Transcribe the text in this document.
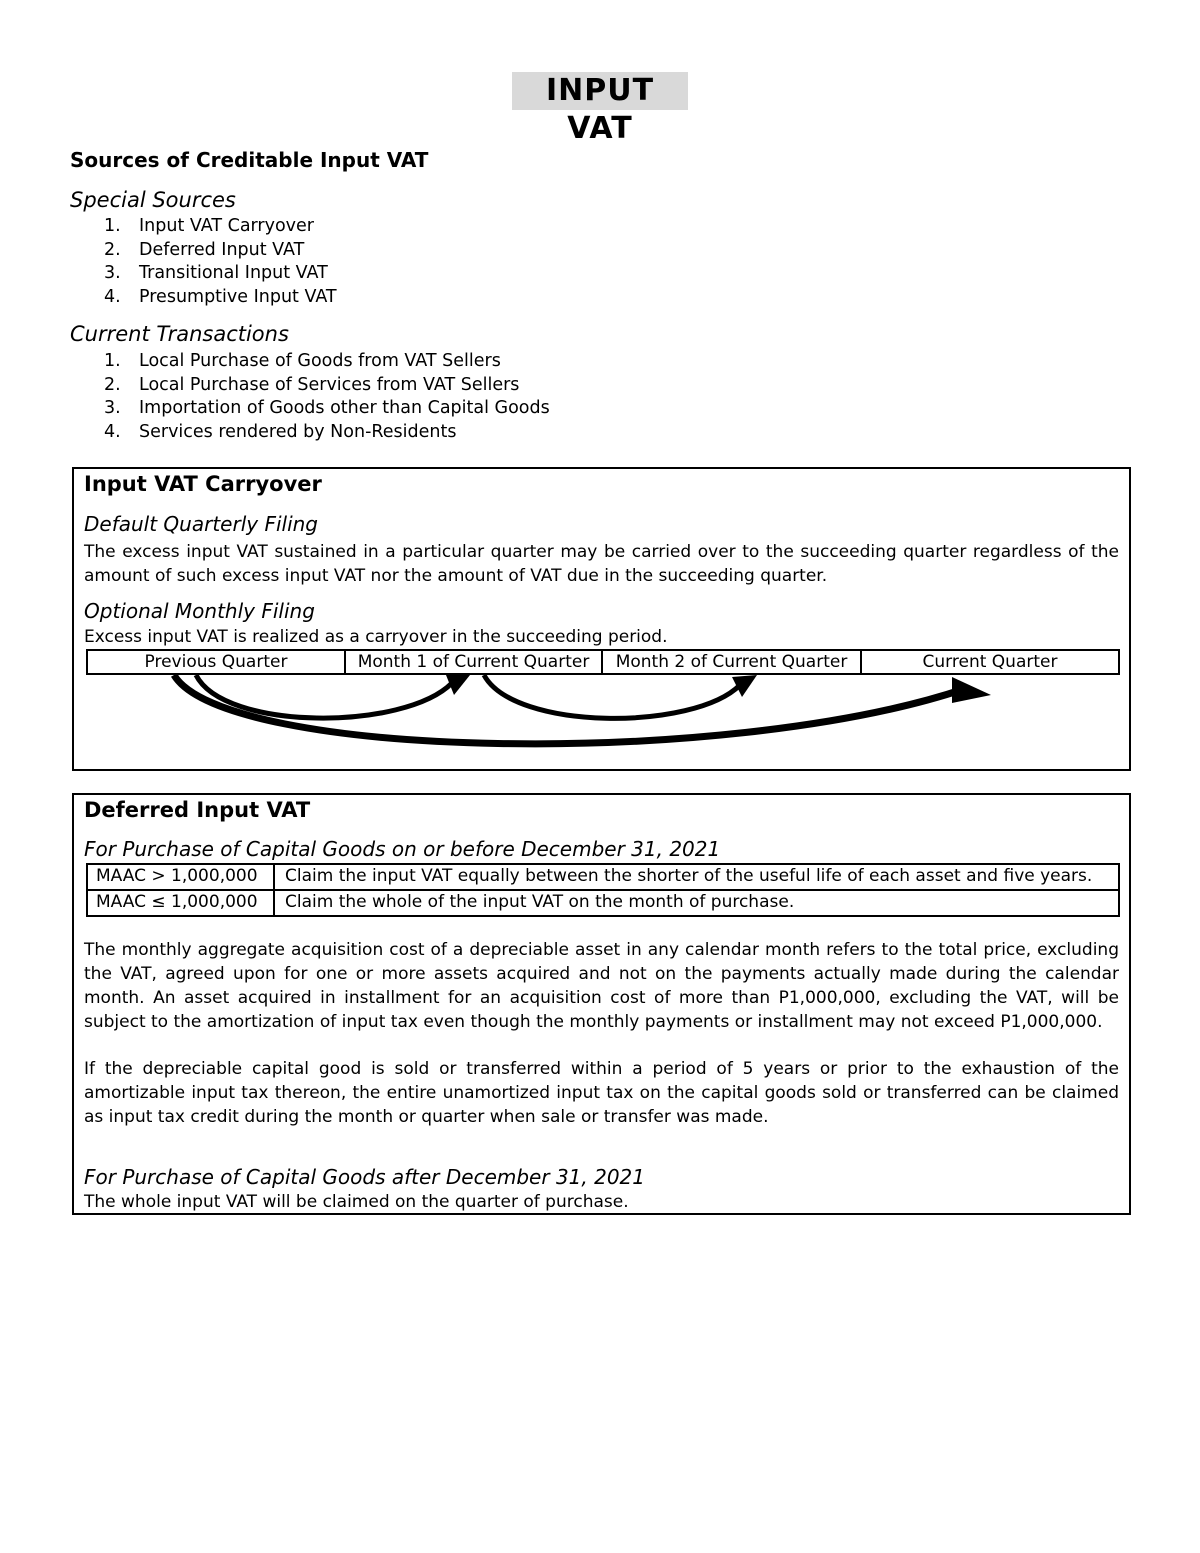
INPUT VAT
Sources of Creditable Input VAT
Special Sources
1. Input VAT Carryover
2. Deferred Input VAT
3. Transitional Input VAT
4. Presumptive Input VAT
Current Transactions
1. Local Purchase of Goods from VAT Sellers
2. Local Purchase of Services from VAT Sellers
3. Importation of Goods other than Capital Goods
4. Services rendered by Non-Residents
Input VAT Carryover
Default Quarterly Filing
The excess input VAT sustained in a particular quarter may be carried over to the succeeding quarter regardless of the amount of such excess input VAT nor the amount of VAT due in the succeeding quarter.
Optional Monthly Filing
Excess input VAT is realized as a carryover in the succeeding period.
Previous Quarter	Month 1 of Current Quarter	Month 2 of Current Quarter	Current Quarter
Deferred Input VAT
For Purchase of Capital Goods on or before December 31, 2021
MAAC > 1,000,000	Claim the input VAT equally between the shorter of the useful life of each asset and five years.
MAAC ≤ 1,000,000	Claim the whole of the input VAT on the month of purchase.
The monthly aggregate acquisition cost of a depreciable asset in any calendar month refers to the total price, excluding the VAT, agreed upon for one or more assets acquired and not on the payments actually made during the calendar month. An asset acquired in installment for an acquisition cost of more than P1,000,000, excluding the VAT, will be subject to the amortization of input tax even though the monthly payments or installment may not exceed P1,000,000.
If the depreciable capital good is sold or transferred within a period of 5 years or prior to the exhaustion of the amortizable input tax thereon, the entire unamortized input tax on the capital goods sold or transferred can be claimed as input tax credit during the month or quarter when sale or transfer was made.
For Purchase of Capital Goods after December 31, 2021
The whole input VAT will be claimed on the quarter of purchase.
